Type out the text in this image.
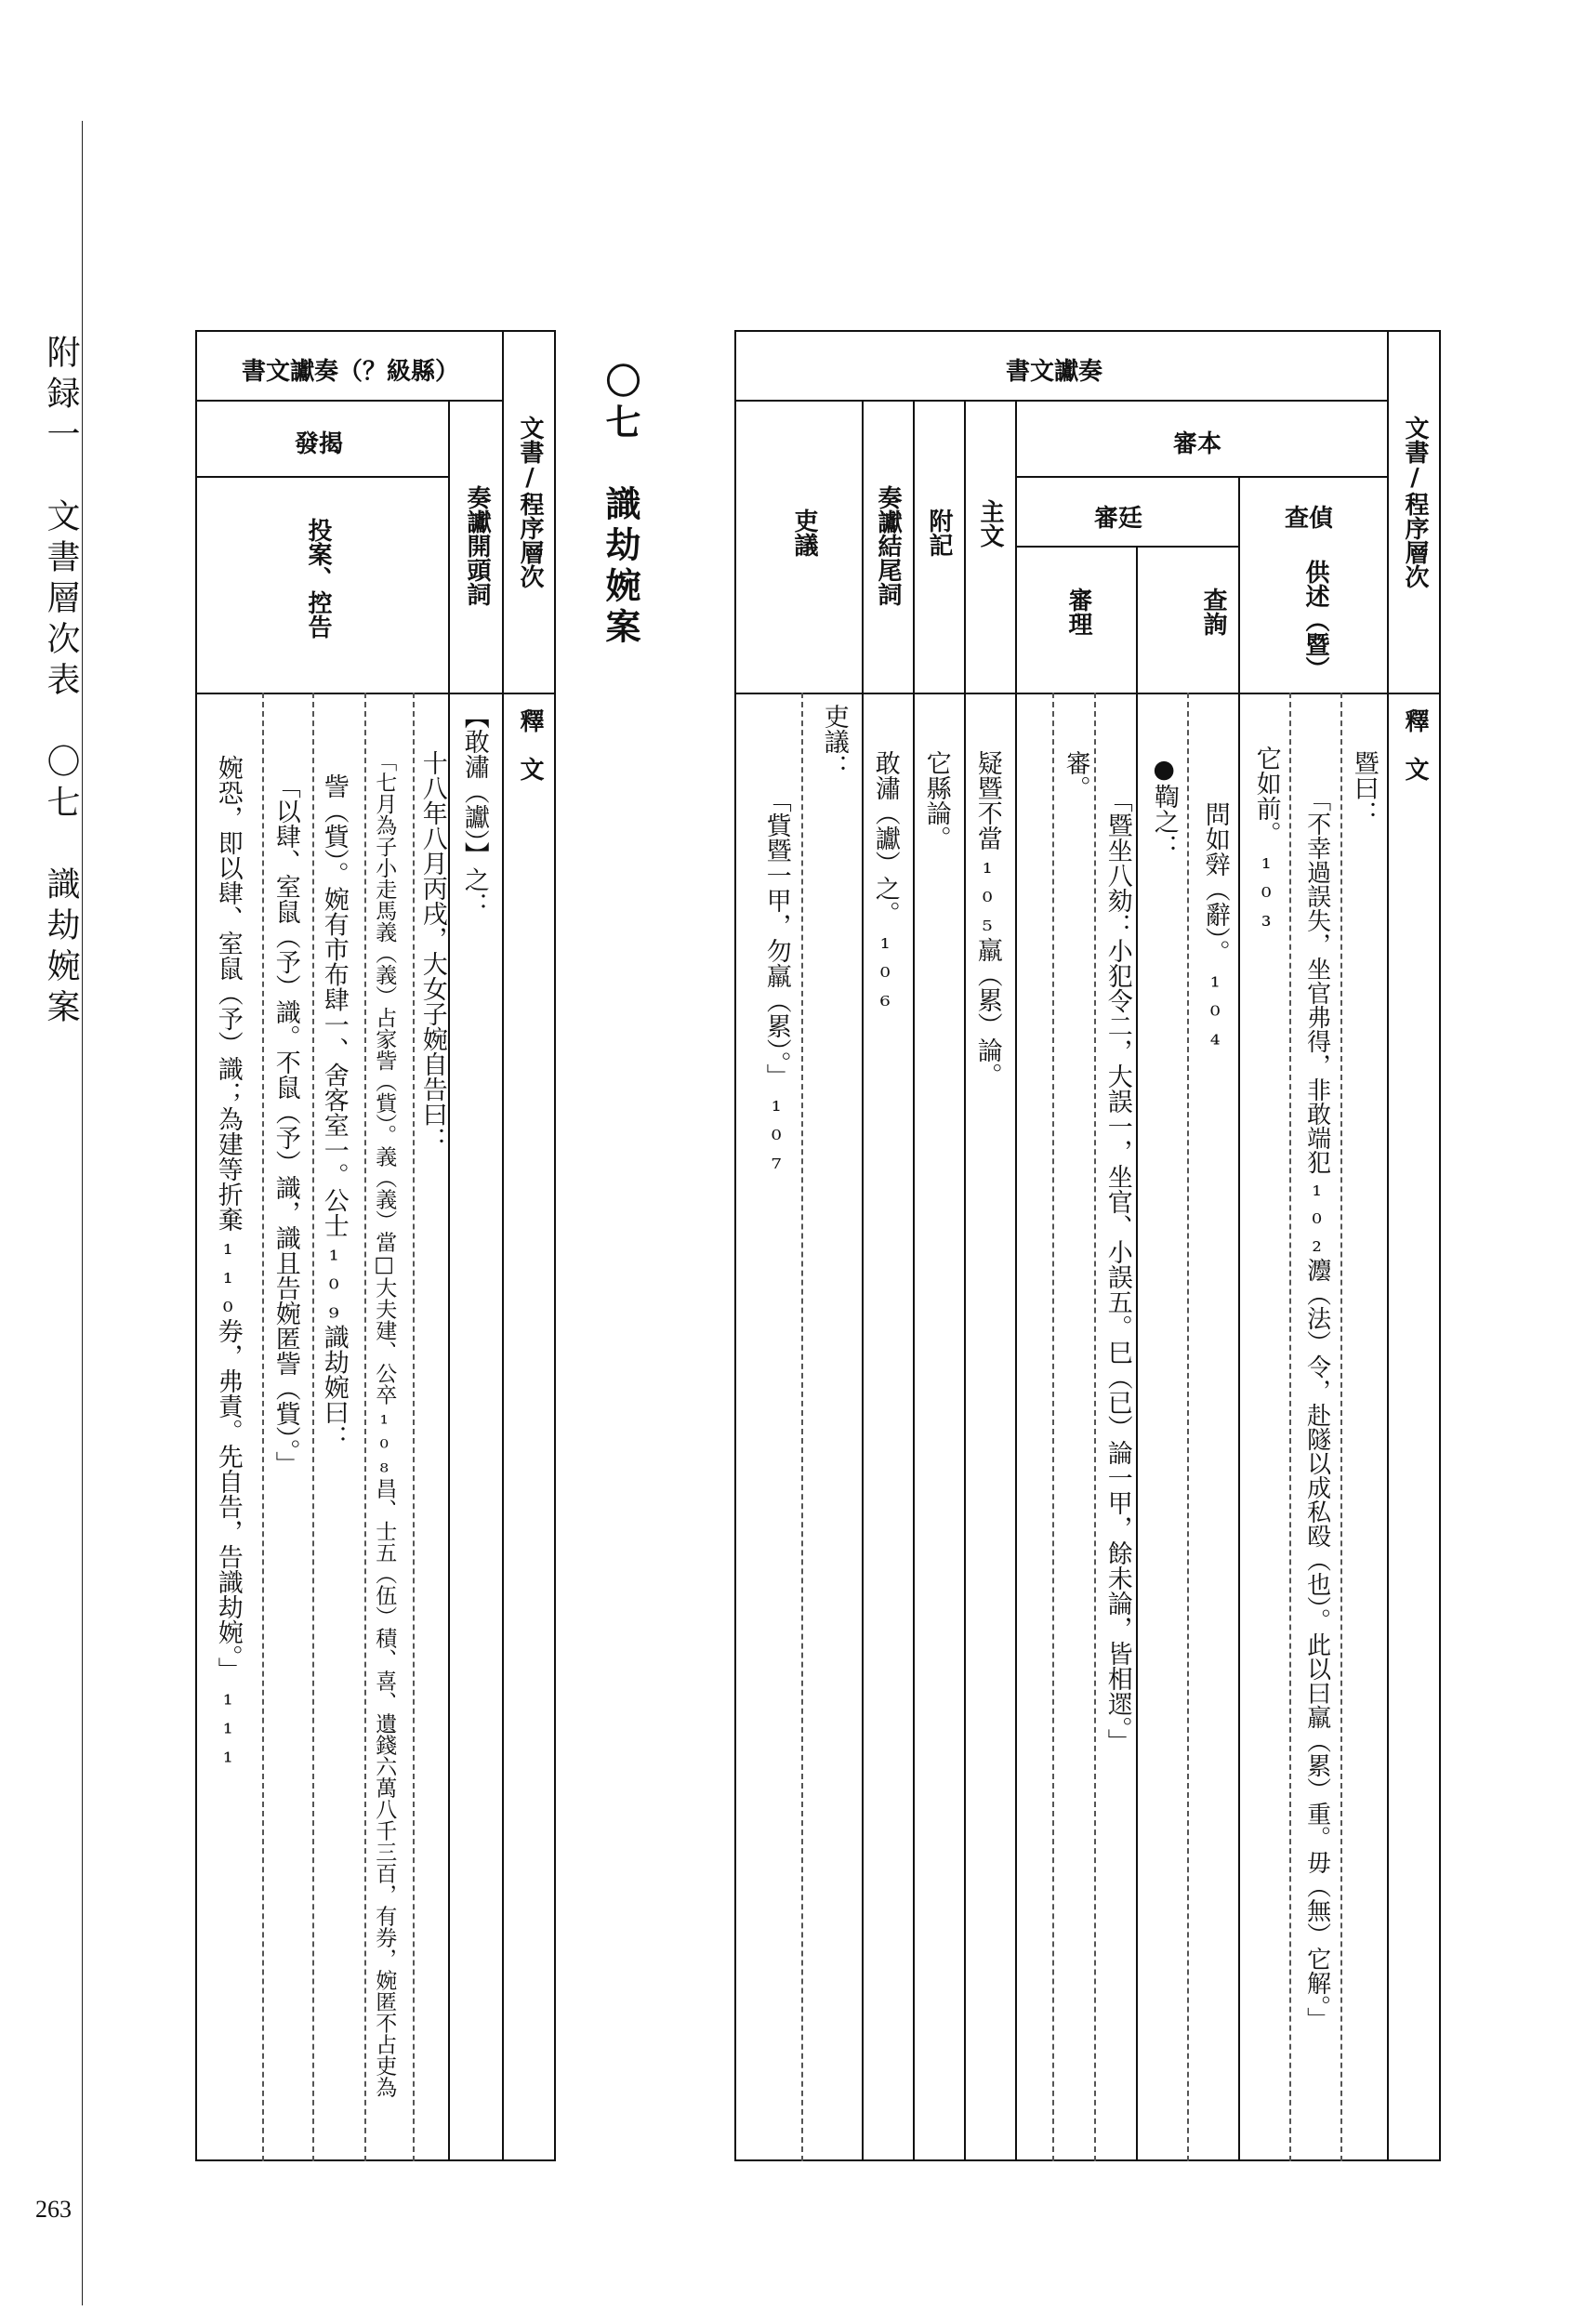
附録一　文書層次表　〇七　識劫婉案
263
文書/程序層次
釋　文
書文讞奏（？級縣）
發揭
奏讞開頭詞
投案、控告
【敢潚（讞）】之：
十八年八月丙戌，大女子婉自告曰：
「七月為子小走馬義（義）占家訾（貲）。義（義）當□大夫建、公卒₁₀₈昌、士五（伍）積、喜、遺錢六萬八千三百，有券，婉匿不占吏為
訾（貲）。婉有市布肆一、舍客室一。公士₁₀₉識劫婉曰：
「以肆、室鼠（予）識。不鼠（予）識，識且告婉匿訾（貲）。」
婉恐，即以肆、室鼠（予）識；為建等折棄₁₁₀券，弗責。先自告，告識劫婉。」₁₁₁
〇七　識劫婉案	文書/程序層次
釋　文
書文讞奏
審本
查偵
審廷
供述（暨）
查詢
審理
主文
附記
奏讞結尾詞
吏議
暨曰：
「不幸過誤失，坐官弗得，非敢端犯₁₀₂灋（法）令，赴隧以成私殴（也）。此以曰羸（累）重。毋（無）它解。」
它如前。₁₀₃
問如辤（辭）。₁₀₄
●鞫之：
「暨坐八劾：小犯令二，大誤一，坐官、小誤五。巳（已）論一甲，餘未論，皆相遝。」
審。
疑暨不當₁₀₅羸（累）論。
它縣論。
敢潚（讞）之。₁₀₆
吏議：
「貲暨一甲，勿羸（累）。」₁₀₇
